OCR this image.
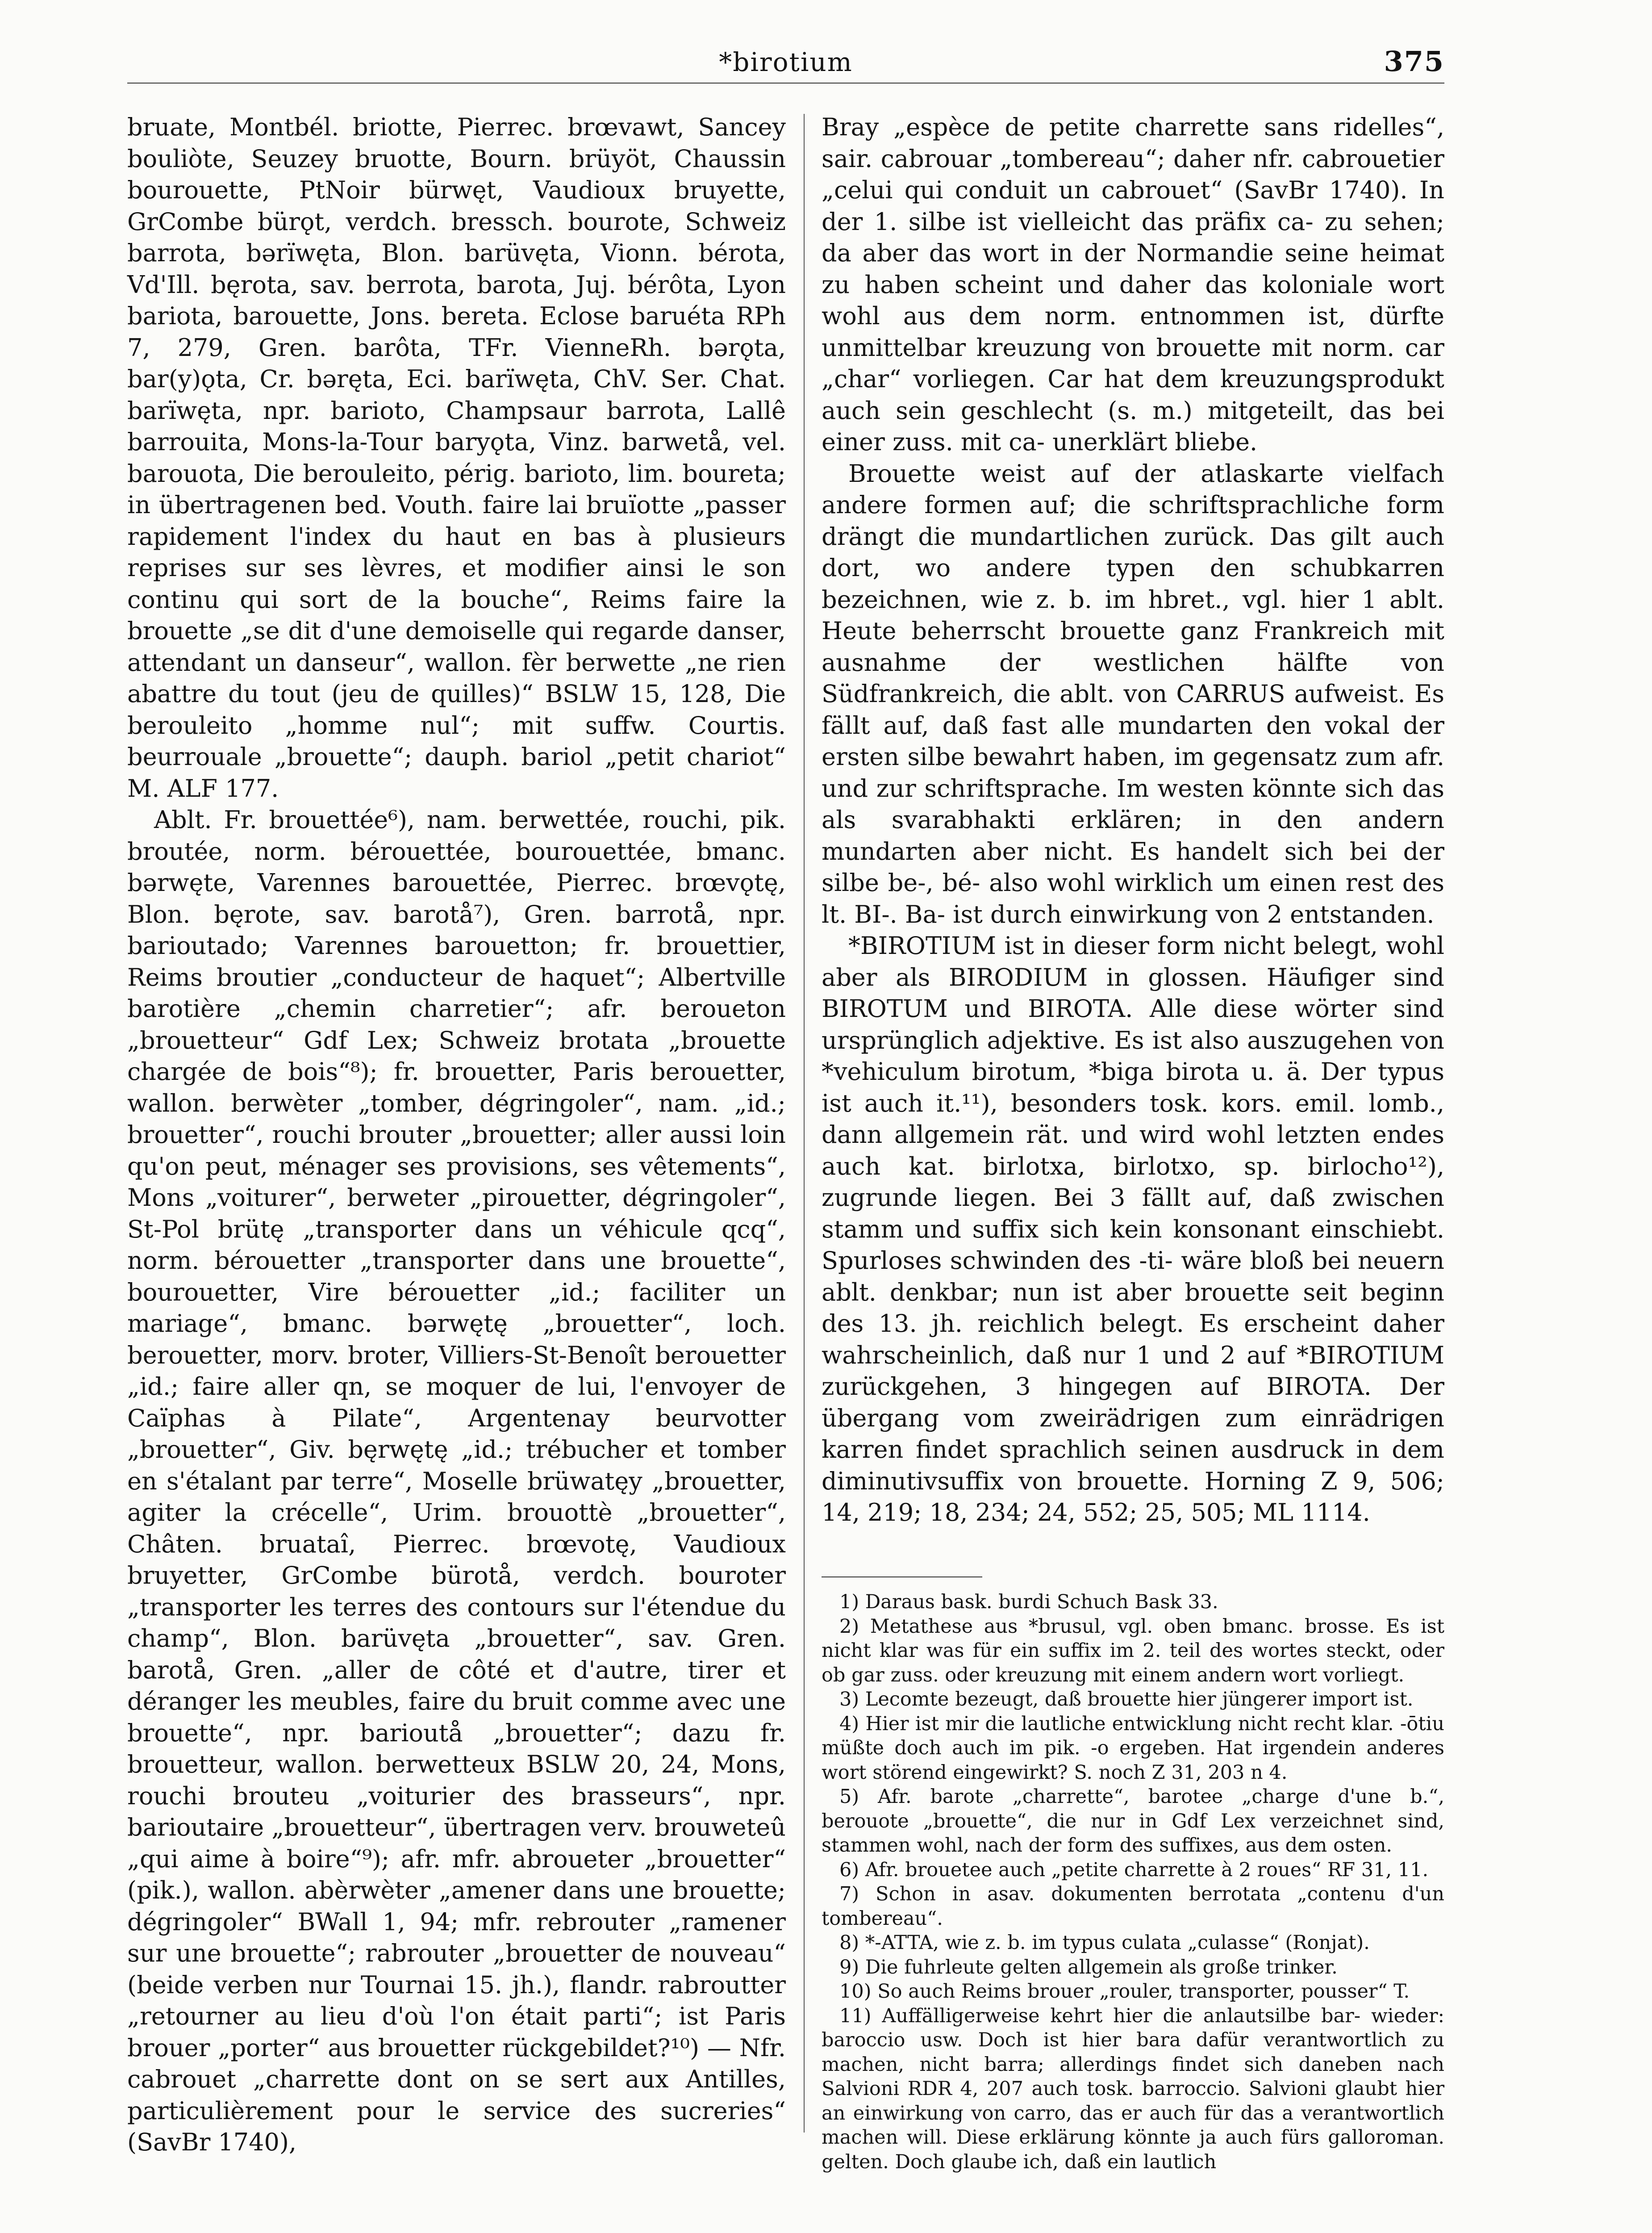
*birotium	375

bruate, Montbél. briotte, Pierrec. brœvawt, Sancey bouliòte, Seuzey bruotte, Bourn. brüyöt, Chaussin bourouette, PtNoir bürwęt, Vaudioux bruyette, GrCombe bürǫt, verdch. bressch. bourote, Schweiz barrota, bərïwęta, Blon. barüvęta, Vionn. bérota, Vd'Ill. bęrota, sav. berrota, barota, Juj. bérôta, Lyon bariota, barouette, Jons. bereta. Eclose baruéta RPh 7, 279, Gren. barôta, TFr. VienneRh. bərǫta, bar(y)ǫta, Cr. bəręta, Eci. barïwęta, ChV. Ser. Chat. barïwęta, npr. barioto, Champsaur barrota, Lallê barrouita, Mons-la-Tour baryǫta, Vinz. barwetå, vel. barouota, Die berouleito, périg. barioto, lim. boureta; in übertragenen bed. Vouth. faire lai bruïotte „passer rapidement l'index du haut en bas à plusieurs reprises sur ses lèvres, et modifier ainsi le son continu qui sort de la bouche“, Reims faire la brouette „se dit d'une demoiselle qui regarde danser, attendant un danseur“, wallon. fèr berwette „ne rien abattre du tout (jeu de quilles)“ BSLW 15, 128, Die berouleito „homme nul“; mit suffw. Courtis. beurrouale „brouette“; dauph. bariol „petit chariot“ M. ALF 177.

Ablt. Fr. brouettée⁶), nam. berwettée, rouchi, pik. broutée, norm. bérouettée, bourouettée, bmanc. bərwęte, Varennes barouettée, Pierrec. brœvǫtę, Blon. bęrote, sav. barotå⁷), Gren. barrotå, npr. barioutado; Varennes barouetton; fr. brouettier, Reims broutier „conducteur de haquet“; Albertville barotière „chemin charretier“; afr. beroueton „brouetteur“ Gdf Lex; Schweiz brotata „brouette chargée de bois“⁸); fr. brouetter, Paris berouetter, wallon. berwèter „tomber, dégringoler“, nam. „id.; brouetter“, rouchi brouter „brouetter; aller aussi loin qu'on peut, ménager ses provisions, ses vêtements“, Mons „voiturer“, berweter „pirouetter, dégringoler“, St-Pol brütę „transporter dans un véhicule qcq“, norm. bérouetter „transporter dans une brouette“, bourouetter, Vire bérouetter „id.; faciliter un mariage“, bmanc. bərwętę „brouetter“, loch. berouetter, morv. broter, Villiers-St-Benoît berouetter „id.; faire aller qn, se moquer de lui, l'envoyer de Caïphas à Pilate“, Argentenay beurvotter „brouetter“, Giv. bęrwętę „id.; trébucher et tomber en s'étalant par terre“, Moselle brüwatęy „brouetter, agiter la crécelle“, Urim. brouottè „brouetter“, Châten. bruataî, Pierrec. brœvotę, Vaudioux bruyetter, GrCombe bürotå, verdch. bouroter „transporter les terres des contours sur l'étendue du champ“, Blon. barüvęta „brouetter“, sav. Gren. barotå, Gren. „aller de côté et d'autre, tirer et déranger les meubles, faire du bruit comme avec une brouette“, npr. barioutå „brouetter“; dazu fr. brouetteur, wallon. berwetteux BSLW 20, 24, Mons, rouchi brouteu „voiturier des brasseurs“, npr. barioutaire „brouetteur“, übertragen verv. brouweteû „qui aime à boire“⁹); afr. mfr. abroueter „brouetter“ (pik.), wallon. abèrwèter „amener dans une brouette; dégringoler“ BWall 1, 94; mfr. rebrouter „ramener sur une brouette“; rabrouter „brouetter de nouveau“ (beide verben nur Tournai 15. jh.), flandr. rabroutter „retourner au lieu d'où l'on était parti“; ist Paris brouer „porter“ aus brouetter rückgebildet?¹⁰) — Nfr. cabrouet „charrette dont on se sert aux Antilles, particulièrement pour le service des sucreries“ (SavBr 1740),

Bray „espèce de petite charrette sans ridelles“, sair. cabrouar „tombereau“; daher nfr. cabrouetier „celui qui conduit un cabrouet“ (SavBr 1740). In der 1. silbe ist vielleicht das präfix ca- zu sehen; da aber das wort in der Normandie seine heimat zu haben scheint und daher das koloniale wort wohl aus dem norm. entnommen ist, dürfte unmittelbar kreuzung von brouette mit norm. car „char“ vorliegen. Car hat dem kreuzungsprodukt auch sein geschlecht (s. m.) mitgeteilt, das bei einer zuss. mit ca- unerklärt bliebe.

Brouette weist auf der atlaskarte vielfach andere formen auf; die schriftsprachliche form drängt die mundartlichen zurück. Das gilt auch dort, wo andere typen den schubkarren bezeichnen, wie z. b. im hbret., vgl. hier 1 ablt. Heute beherrscht brouette ganz Frankreich mit ausnahme der westlichen hälfte von Südfrankreich, die ablt. von CARRUS aufweist. Es fällt auf, daß fast alle mundarten den vokal der ersten silbe bewahrt haben, im gegensatz zum afr. und zur schriftsprache. Im westen könnte sich das als svarabhakti erklären; in den andern mundarten aber nicht. Es handelt sich bei der silbe be-, bé- also wohl wirklich um einen rest des lt. BI-. Ba- ist durch einwirkung von 2 entstanden.

*BIROTIUM ist in dieser form nicht belegt, wohl aber als BIRODIUM in glossen. Häufiger sind BIROTUM und BIROTA. Alle diese wörter sind ursprünglich adjektive. Es ist also auszugehen von *vehiculum birotum, *biga birota u. ä. Der typus ist auch it.¹¹), besonders tosk. kors. emil. lomb., dann allgemein rät. und wird wohl letzten endes auch kat. birlotxa, birlotxo, sp. birlocho¹²), zugrunde liegen. Bei 3 fällt auf, daß zwischen stamm und suffix sich kein konsonant einschiebt. Spurloses schwinden des -ti- wäre bloß bei neuern ablt. denkbar; nun ist aber brouette seit beginn des 13. jh. reichlich belegt. Es erscheint daher wahrscheinlich, daß nur 1 und 2 auf *BIROTIUM zurückgehen, 3 hingegen auf BIROTA. Der übergang vom zweirädrigen zum einrädrigen karren findet sprachlich seinen ausdruck in dem diminutivsuffix von brouette. Horning Z 9, 506; 14, 219; 18, 234; 24, 552; 25, 505; ML 1114.

1) Daraus bask. burdi Schuch Bask 33.

2) Metathese aus *brusul, vgl. oben bmanc. brosse. Es ist nicht klar was für ein suffix im 2. teil des wortes steckt, oder ob gar zuss. oder kreuzung mit einem andern wort vorliegt.

3) Lecomte bezeugt, daß brouette hier jüngerer import ist.

4) Hier ist mir die lautliche entwicklung nicht recht klar. -ōtiu müßte doch auch im pik. -o ergeben. Hat irgendein anderes wort störend eingewirkt? S. noch Z 31, 203 n 4.

5) Afr. barote „charrette“, barotee „charge d'une b.“, berouote „brouette“, die nur in Gdf Lex verzeichnet sind, stammen wohl, nach der form des suffixes, aus dem osten.

6) Afr. brouetee auch „petite charrette à 2 roues“ RF 31, 11.

7) Schon in asav. dokumenten berrotata „contenu d'un tombereau“.

8) *-ATTA, wie z. b. im typus culata „culasse“ (Ronjat).

9) Die fuhrleute gelten allgemein als große trinker.

10) So auch Reims brouer „rouler, transporter, pousser“ T.

11) Auffälligerweise kehrt hier die anlautsilbe bar- wieder: baroccio usw. Doch ist hier bara dafür verantwortlich zu machen, nicht barra; allerdings findet sich daneben nach Salvioni RDR 4, 207 auch tosk. barroccio. Salvioni glaubt hier an einwirkung von carro, das er auch für das a verantwortlich machen will. Diese erklärung könnte ja auch fürs galloroman. gelten. Doch glaube ich, daß ein lautlich
